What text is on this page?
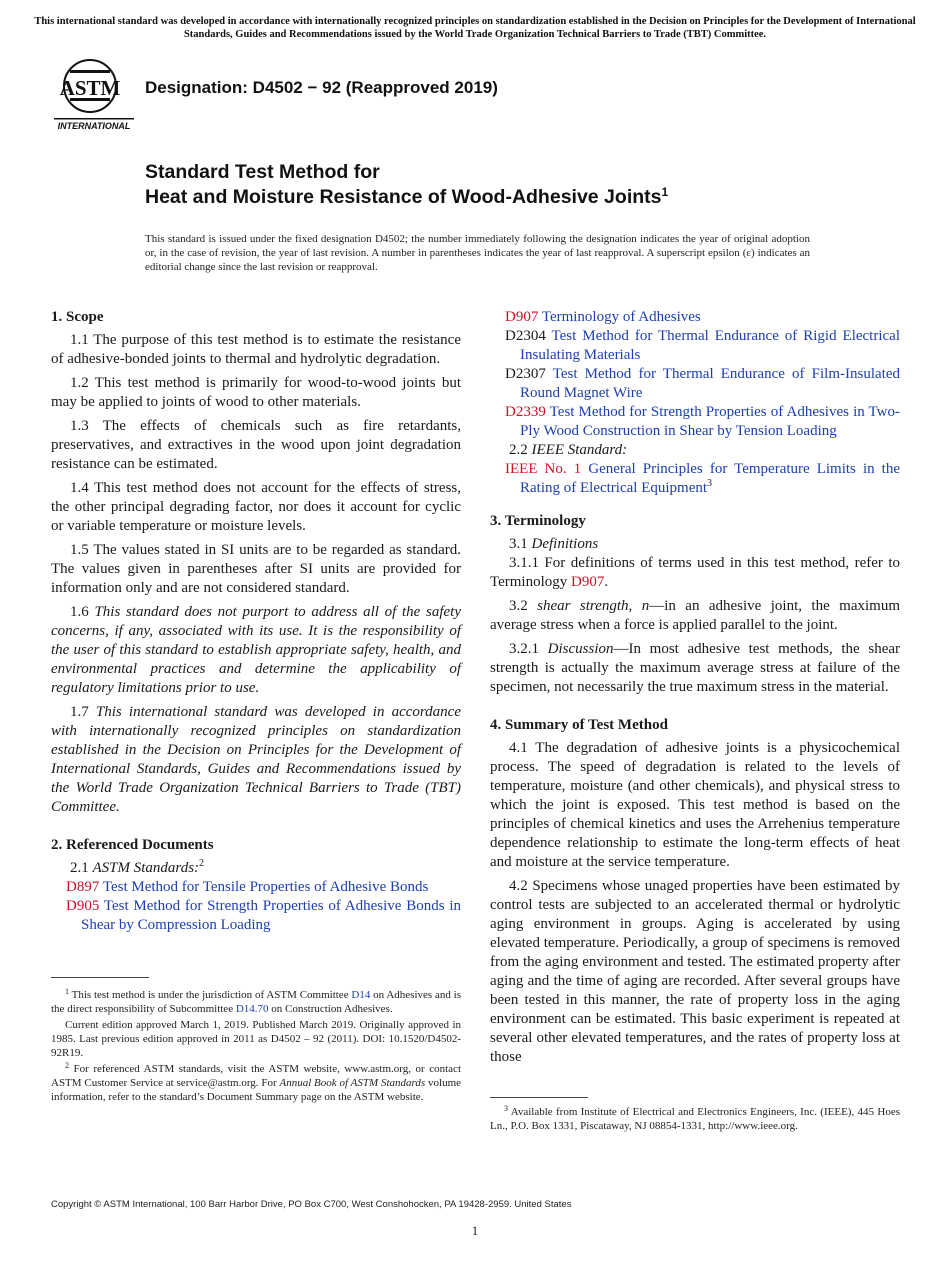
This international standard was developed in accordance with internationally recognized principles on standardization established in the Decision on Principles for the Development of International Standards, Guides and Recommendations issued by the World Trade Organization Technical Barriers to Trade (TBT) Committee.
ASTM
INTERNATIONAL
Designation: D4502 − 92 (Reapproved 2019)
Standard Test Method for
Heat and Moisture Resistance of Wood-Adhesive Joints$^1$
This standard is issued under the fixed designation D4502; the number immediately following the designation indicates the year of original adoption or, in the case of revision, the year of last revision. A number in parentheses indicates the year of last reapproval. A superscript epsilon (ε) indicates an editorial change since the last revision or reapproval.
1. Scope

1.1 The purpose of this test method is to estimate the resistance of adhesive-bonded joints to thermal and hydrolytic degradation.

1.2 This test method is primarily for wood-to-wood joints but may be applied to joints of wood to other materials.

1.3 The effects of chemicals such as fire retardants, preservatives, and extractives in the wood upon joint degradation resistance can be estimated.

1.4 This test method does not account for the effects of stress, the other principal degrading factor, nor does it account for cyclic or variable temperature or moisture levels.

1.5 The values stated in SI units are to be regarded as standard. The values given in parentheses after SI units are provided for information only and are not considered standard.

1.6 This standard does not purport to address all of the safety concerns, if any, associated with its use. It is the responsibility of the user of this standard to establish appropriate safety, health, and environmental practices and determine the applicability of regulatory limitations prior to use.

1.7 This international standard was developed in accordance with internationally recognized principles on standardization established in the Decision on Principles for the Development of International Standards, Guides and Recommendations issued by the World Trade Organization Technical Barriers to Trade (TBT) Committee.

2. Referenced Documents

2.1 ASTM Standards:$^2$

D897 Test Method for Tensile Properties of Adhesive Bonds
D905 Test Method for Strength Properties of Adhesive Bonds in Shear by Compression Loading

$^1$ This test method is under the jurisdiction of ASTM Committee D14 on Adhesives and is the direct responsibility of Subcommittee D14.70 on Construction Adhesives.

Current edition approved March 1, 2019. Published March 2019. Originally approved in 1985. Last previous edition approved in 2011 as D4502 – 92 (2011). DOI: 10.1520/D4502-92R19.

$^2$ For referenced ASTM standards, visit the ASTM website, www.astm.org, or contact ASTM Customer Service at service@astm.org. For Annual Book of ASTM Standards volume information, refer to the standard’s Document Summary page on the ASTM website.

D907 Terminology of Adhesives
D2304 Test Method for Thermal Endurance of Rigid Electrical Insulating Materials
D2307 Test Method for Thermal Endurance of Film-Insulated Round Magnet Wire
D2339 Test Method for Strength Properties of Adhesives in Two-Ply Wood Construction in Shear by Tension Loading

2.2 IEEE Standard:

IEEE No. 1 General Principles for Temperature Limits in the Rating of Electrical Equipment$^3$
3. Terminology

3.1 Definitions

3.1.1 For definitions of terms used in this test method, refer to Terminology D907.

3.2 shear strength, n—in an adhesive joint, the maximum average stress when a force is applied parallel to the joint.

3.2.1 Discussion—In most adhesive test methods, the shear strength is actually the maximum average stress at failure of the specimen, not necessarily the true maximum stress in the material.

4. Summary of Test Method

4.1 The degradation of adhesive joints is a physicochemical process. The speed of degradation is related to the levels of temperature, moisture (and other chemicals), and physical stress to which the joint is exposed. This test method is based on the principles of chemical kinetics and uses the Arrehenius temperature dependence relationship to estimate the long-term effects of heat and moisture at the service temperature.

4.2 Specimens whose unaged properties have been estimated by control tests are subjected to an accelerated thermal or hydrolytic aging environment in groups. Aging is accelerated by using elevated temperature. Periodically, a group of specimens is removed from the aging environment and tested. The estimated property after aging and the time of aging are recorded. After several groups have been tested in this manner, the rate of property loss in the aging environment can be estimated. This basic experiment is repeated at several other elevated temperatures, and the rates of property loss at those

$^3$ Available from Institute of Electrical and Electronics Engineers, Inc. (IEEE), 445 Hoes Ln., P.O. Box 1331, Piscataway, NJ 08854-1331, http://www.ieee.org.

Copyright © ASTM International, 100 Barr Harbor Drive, PO Box C700, West Conshohocken, PA 19428-2959. United States
1
